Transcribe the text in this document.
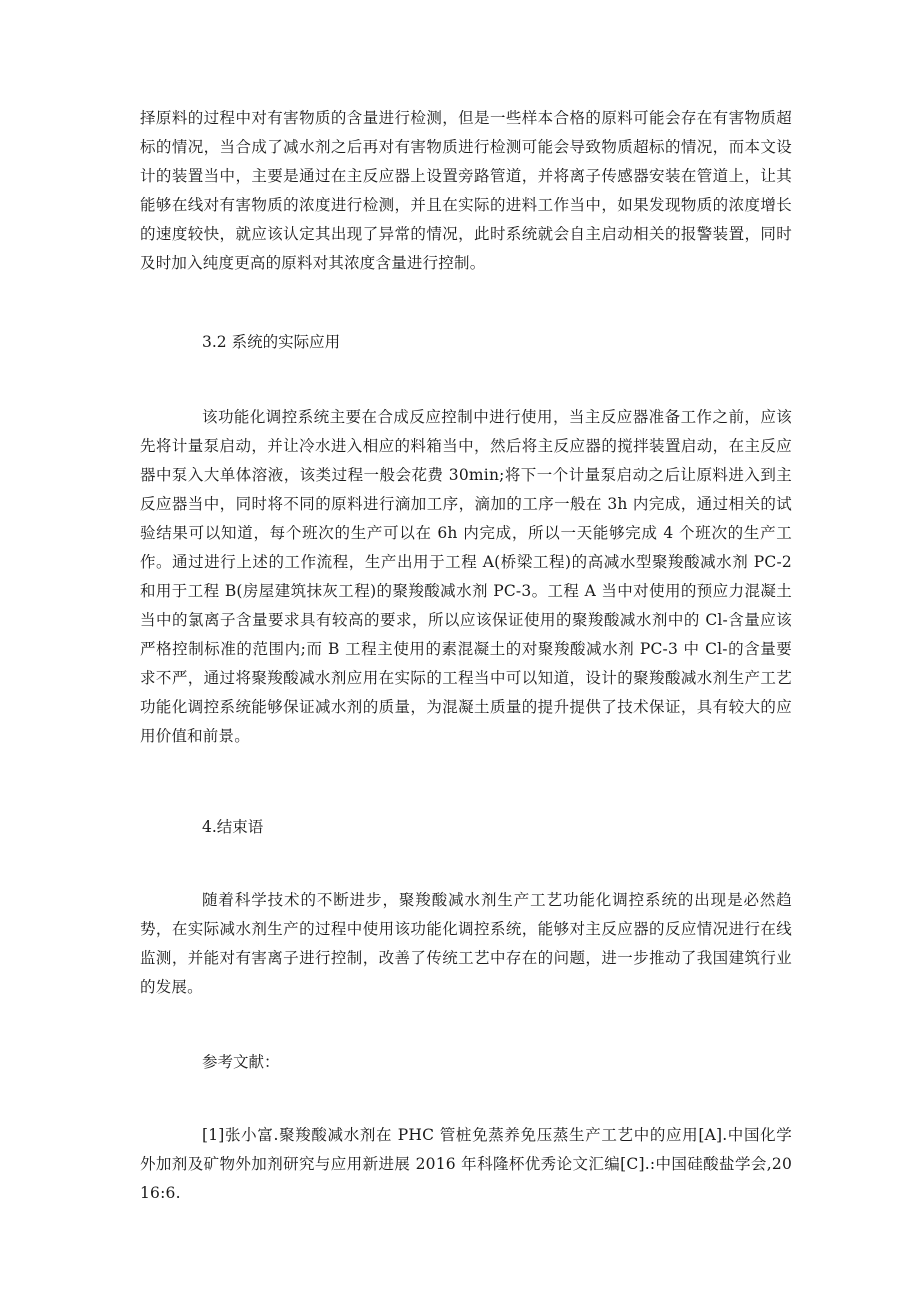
择原料的过程中对有害物质的含量进行检测，但是一些样本合格的原料可能会存在有害物质超标的情况，当合成了减水剂之后再对有害物质进行检测可能会导致物质超标的情况，而本文设计的装置当中，主要是通过在主反应器上设置旁路管道，并将离子传感器安装在管道上，让其能够在线对有害物质的浓度进行检测，并且在实际的进料工作当中，如果发现物质的浓度增长的速度较快，就应该认定其出现了异常的情况，此时系统就会自主启动相关的报警装置，同时及时加入纯度更高的原料对其浓度含量进行控制。

3.2 系统的实际应用

该功能化调控系统主要在合成反应控制中进行使用，当主反应器准备工作之前，应该先将计量泵启动，并让冷水进入相应的料箱当中，然后将主反应器的搅拌装置启动，在主反应器中泵入大单体溶液，该类过程一般会花费 30min;将下一个计量泵启动之后让原料进入到主反应器当中，同时将不同的原料进行滴加工序，滴加的工序一般在 3h 内完成，通过相关的试验结果可以知道，每个班次的生产可以在 6h 内完成，所以一天能够完成 4 个班次的生产工作。通过进行上述的工作流程，生产出用于工程 A(桥梁工程)的高减水型聚羧酸减水剂 PC-2 和用于工程 B(房屋建筑抹灰工程)的聚羧酸减水剂 PC-3。工程 A 当中对使用的预应力混凝土当中的氯离子含量要求具有较高的要求，所以应该保证使用的聚羧酸减水剂中的 Cl-含量应该严格控制标准的范围内;而 B 工程主使用的素混凝土的对聚羧酸减水剂 PC-3 中 Cl-的含量要求不严，通过将聚羧酸减水剂应用在实际的工程当中可以知道，设计的聚羧酸减水剂生产工艺功能化调控系统能够保证减水剂的质量，为混凝土质量的提升提供了技术保证，具有较大的应用价值和前景。

4.结束语

随着科学技术的不断进步，聚羧酸减水剂生产工艺功能化调控系统的出现是必然趋势，在实际减水剂生产的过程中使用该功能化调控系统，能够对主反应器的反应情况进行在线监测，并能对有害离子进行控制，改善了传统工艺中存在的问题，进一步推动了我国建筑行业的发展。

参考文献：

[1]张小富.聚羧酸减水剂在 PHC 管桩免蒸养免压蒸生产工艺中的应用[A].中国化学外加剂及矿物外加剂研究与应用新进展 2016 年科隆杯优秀论文汇编[C].:中国硅酸盐学会,2016:6.
